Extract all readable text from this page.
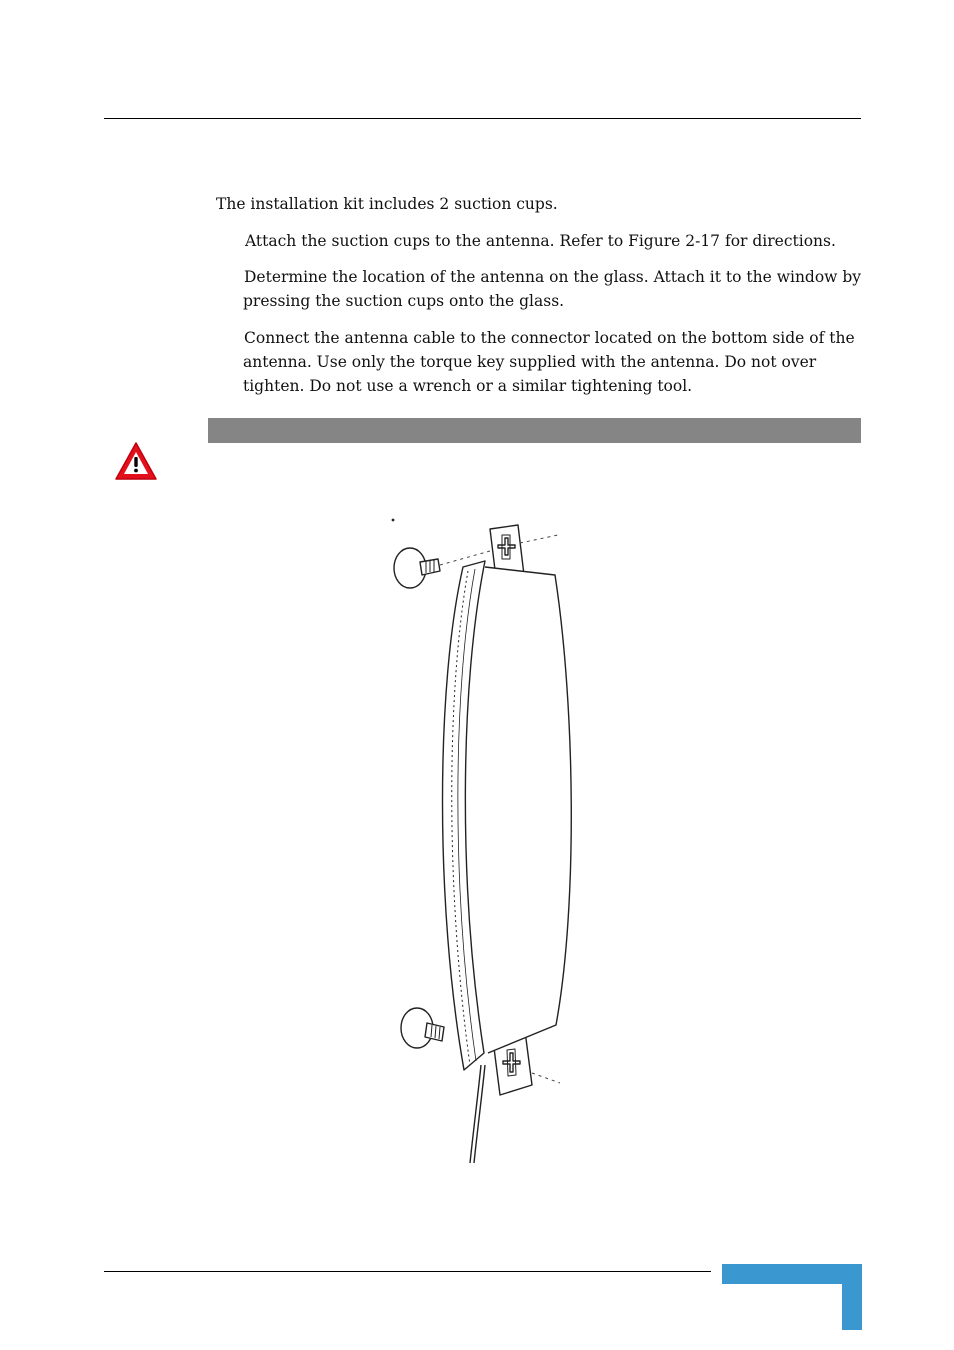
The installation kit includes 2 suction cups.

Attach the suction cups to the antenna. Refer to Figure 2-17 for directions.

Determine the location of the antenna on the glass. Attach it to the window by
pressing the suction cups onto the glass.

Connect the antenna cable to the connector located on the bottom side of the
antenna. Use only the torque key supplied with the antenna. Do not over
tighten. Do not use a wrench or a similar tightening tool.
